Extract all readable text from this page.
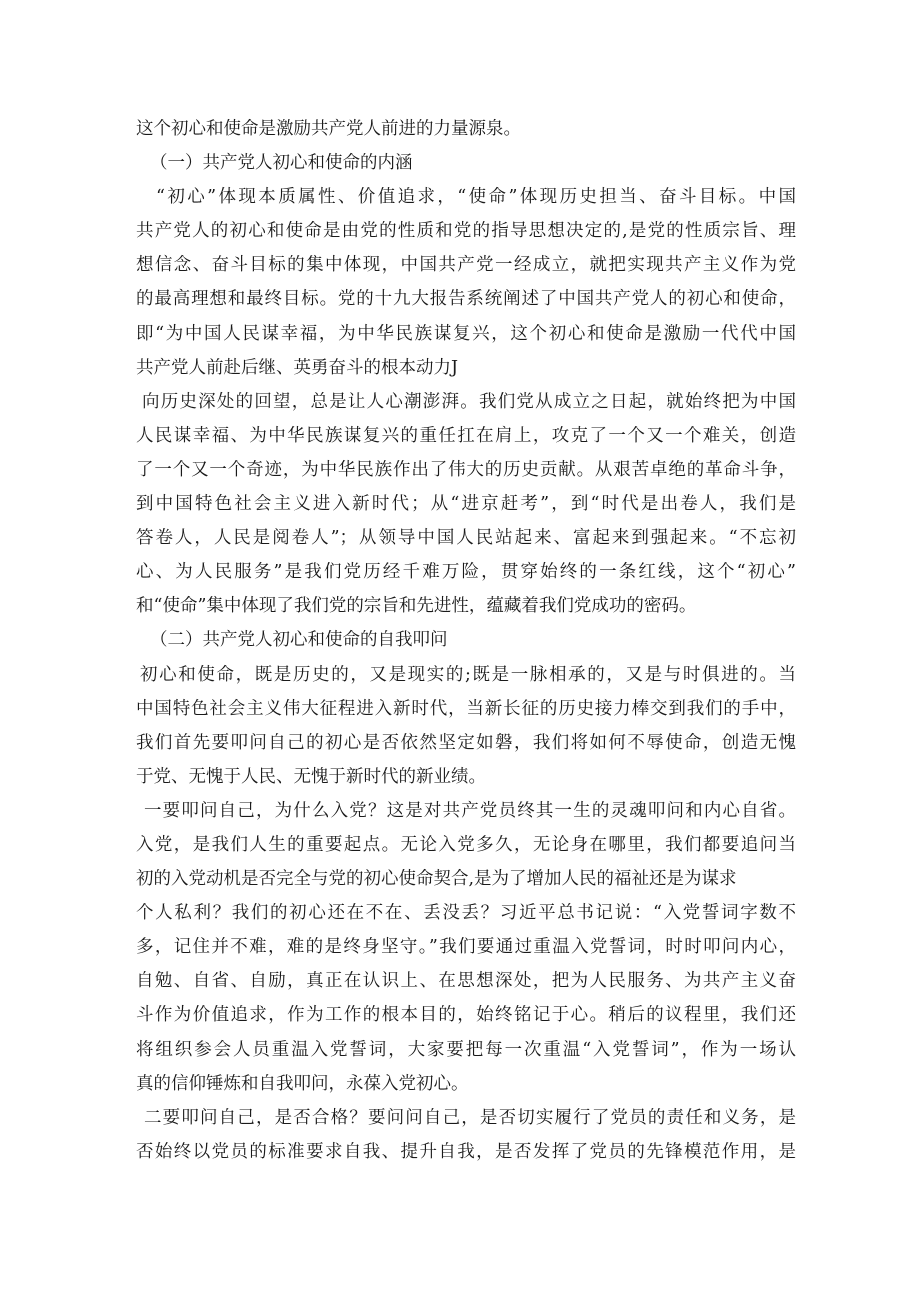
这个初心和使命是激励共产党人前进的力量源泉。
（一）共产党人初心和使命的内涵
“初心”体现本质属性、价值追求，“使命”体现历史担当、奋斗目标。中国
共产党人的初心和使命是由党的性质和党的指导思想决定的,是党的性质宗旨、理
想信念、奋斗目标的集中体现，中国共产党一经成立，就把实现共产主义作为党
的最高理想和最终目标。党的十九大报告系统阐述了中国共产党人的初心和使命，
即“为中国人民谋幸福，为中华民族谋复兴，这个初心和使命是激励一代代中国
共产党人前赴后继、英勇奋斗的根本动力J
向历史深处的回望，总是让人心潮澎湃。我们党从成立之日起，就始终把为中国
人民谋幸福、为中华民族谋复兴的重任扛在肩上，攻克了一个又一个难关，创造
了一个又一个奇迹，为中华民族作出了伟大的历史贡献。从艰苦卓绝的革命斗争，
到中国特色社会主义进入新时代；从“进京赶考”，到“时代是出卷人，我们是
答卷人，人民是阅卷人”；从领导中国人民站起来、富起来到强起来。“不忘初
心、为人民服务”是我们党历经千难万险，贯穿始终的一条红线，这个“初心”
和“使命”集中体现了我们党的宗旨和先进性，蕴藏着我们党成功的密码。
（二）共产党人初心和使命的自我叩问
初心和使命，既是历史的，又是现实的;既是一脉相承的，又是与时俱进的。当
中国特色社会主义伟大征程进入新时代，当新长征的历史接力棒交到我们的手中，
我们首先要叩问自己的初心是否依然坚定如磐，我们将如何不辱使命，创造无愧
于党、无愧于人民、无愧于新时代的新业绩。
一要叩问自己，为什么入党？这是对共产党员终其一生的灵魂叩问和内心自省。
入党，是我们人生的重要起点。无论入党多久，无论身在哪里，我们都要追问当
初的入党动机是否完全与党的初心使命契合,是为了增加人民的福祉还是为谋求
个人私利？我们的初心还在不在、丢没丢？习近平总书记说：“入党誓词字数不
多，记住并不难，难的是终身坚守。”我们要通过重温入党誓词，时时叩问内心，
自勉、自省、自励，真正在认识上、在思想深处，把为人民服务、为共产主义奋
斗作为价值追求，作为工作的根本目的，始终铭记于心。稍后的议程里，我们还
将组织参会人员重温入党誓词，大家要把每一次重温“入党誓词”，作为一场认
真的信仰锤炼和自我叩问，永葆入党初心。
二要叩问自己，是否合格？要问问自己，是否切实履行了党员的责任和义务，是
否始终以党员的标准要求自我、提升自我，是否发挥了党员的先锋模范作用，是
